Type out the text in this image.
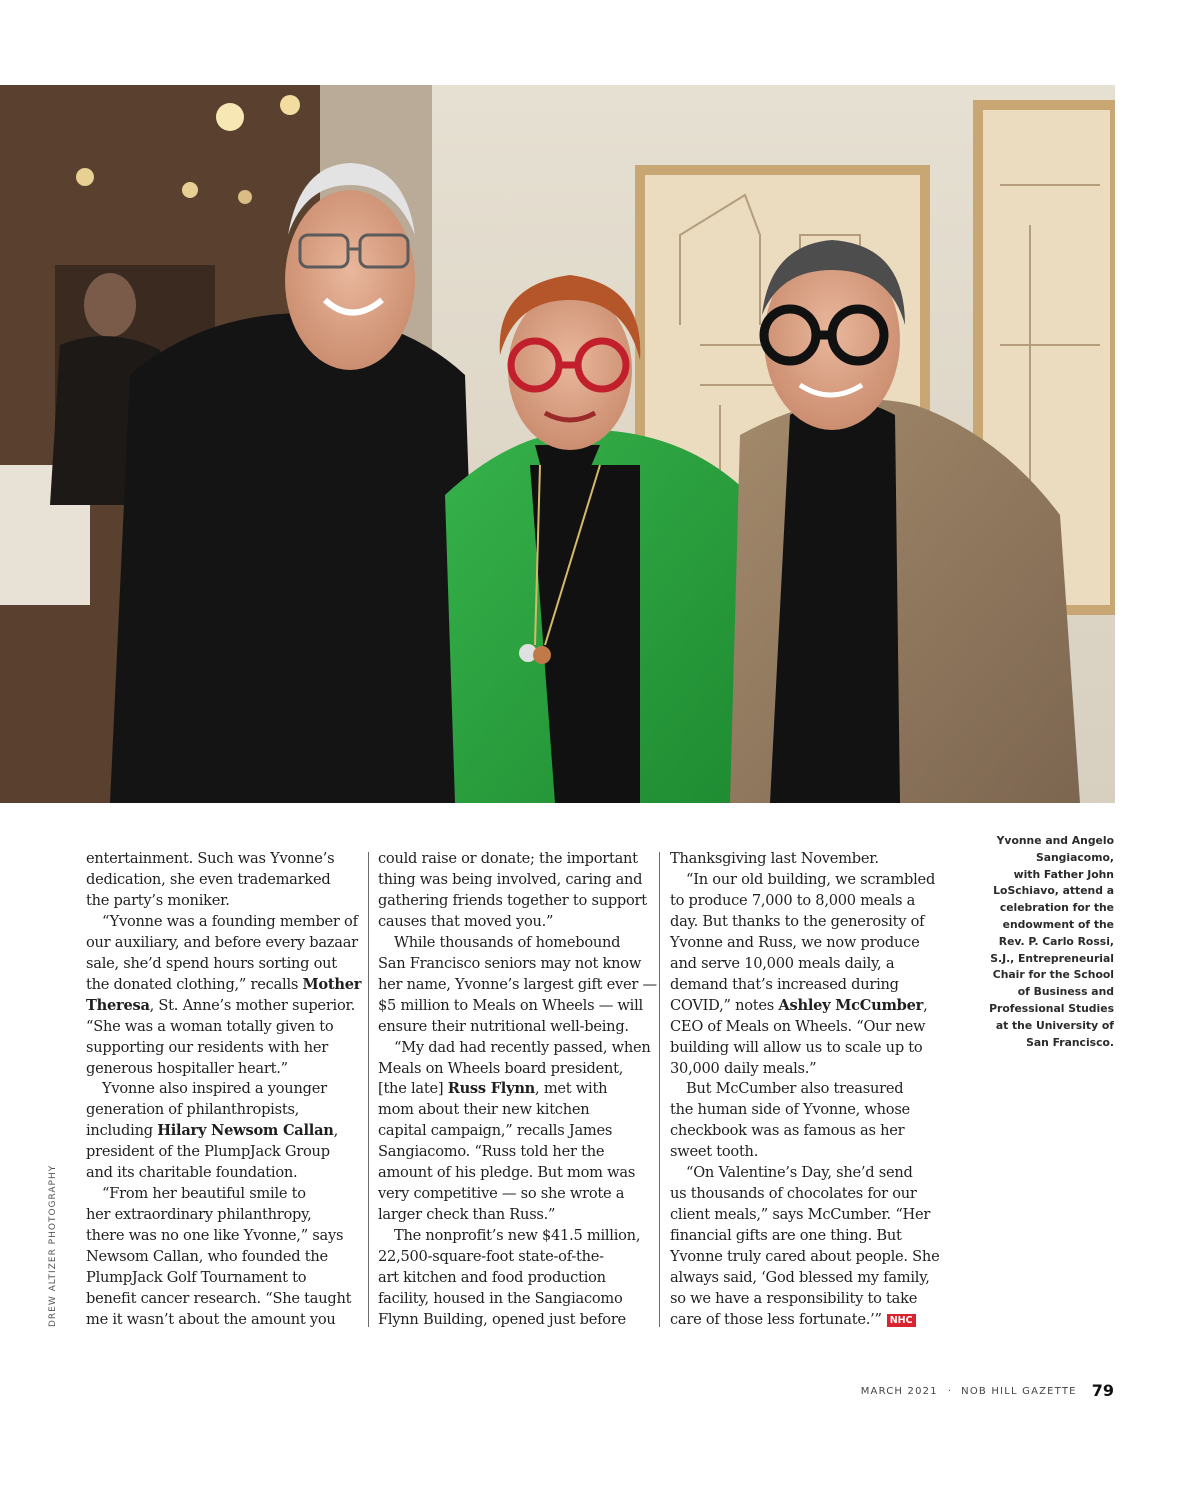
entertainment. Such was Yvonne’s
dedication, she even trademarked
the party’s moniker.
“Yvonne was a founding member of
our auxiliary, and before every bazaar
sale, she’d spend hours sorting out
the donated clothing,” recalls Mother
Theresa, St. Anne’s mother superior.
“She was a woman totally given to
supporting our residents with her
generous hospitaller heart.”
Yvonne also inspired a younger
generation of philanthropists,
including Hilary Newsom Callan,
president of the PlumpJack Group
and its charitable foundation.
“From her beautiful smile to
her extraordinary philanthropy,
there was no one like Yvonne,” says
Newsom Callan, who founded the
PlumpJack Golf Tournament to
benefit cancer research. “She taught
me it wasn’t about the amount you
could raise or donate; the important
thing was being involved, caring and
gathering friends together to support
causes that moved you.”
While thousands of homebound
San Francisco seniors may not know
her name, Yvonne’s largest gift ever —
$5 million to Meals on Wheels — will
ensure their nutritional well-being.
“My dad had recently passed, when
Meals on Wheels board president,
[the late] Russ Flynn, met with
mom about their new kitchen
capital campaign,” recalls James
Sangiacomo. “Russ told her the
amount of his pledge. But mom was
very competitive — so she wrote a
larger check than Russ.”
The nonprofit’s new $41.5 million,
22,500-square-foot state-of-the-
art kitchen and food production
facility, housed in the Sangiacomo
Flynn Building, opened just before
Thanksgiving last November.
“In our old building, we scrambled
to produce 7,000 to 8,000 meals a
day. But thanks to the generosity of
Yvonne and Russ, we now produce
and serve 10,000 meals daily, a
demand that’s increased during
COVID,” notes Ashley McCumber,
CEO of Meals on Wheels. “Our new
building will allow us to scale up to
30,000 daily meals.”
But McCumber also treasured
the human side of Yvonne, whose
checkbook was as famous as her
sweet tooth.
“On Valentine’s Day, she’d send
us thousands of chocolates for our
client meals,” says McCumber. “Her
financial gifts are one thing. But
Yvonne truly cared about people. She
always said, ‘God blessed my family,
so we have a responsibility to take
care of those less fortunate.’” NHC
Yvonne and Angelo
Sangiacomo,
with Father John
LoSchiavo, attend a
celebration for the
endowment of the
Rev. P. Carlo Rossi,
S.J., Entrepreneurial
Chair for the School
of Business and
Professional Studies
at the University of
San Francisco.
DREW ALTIZER PHOTOGRAPHY
MARCH 2021 · NOB HILL GAZETTE 79
